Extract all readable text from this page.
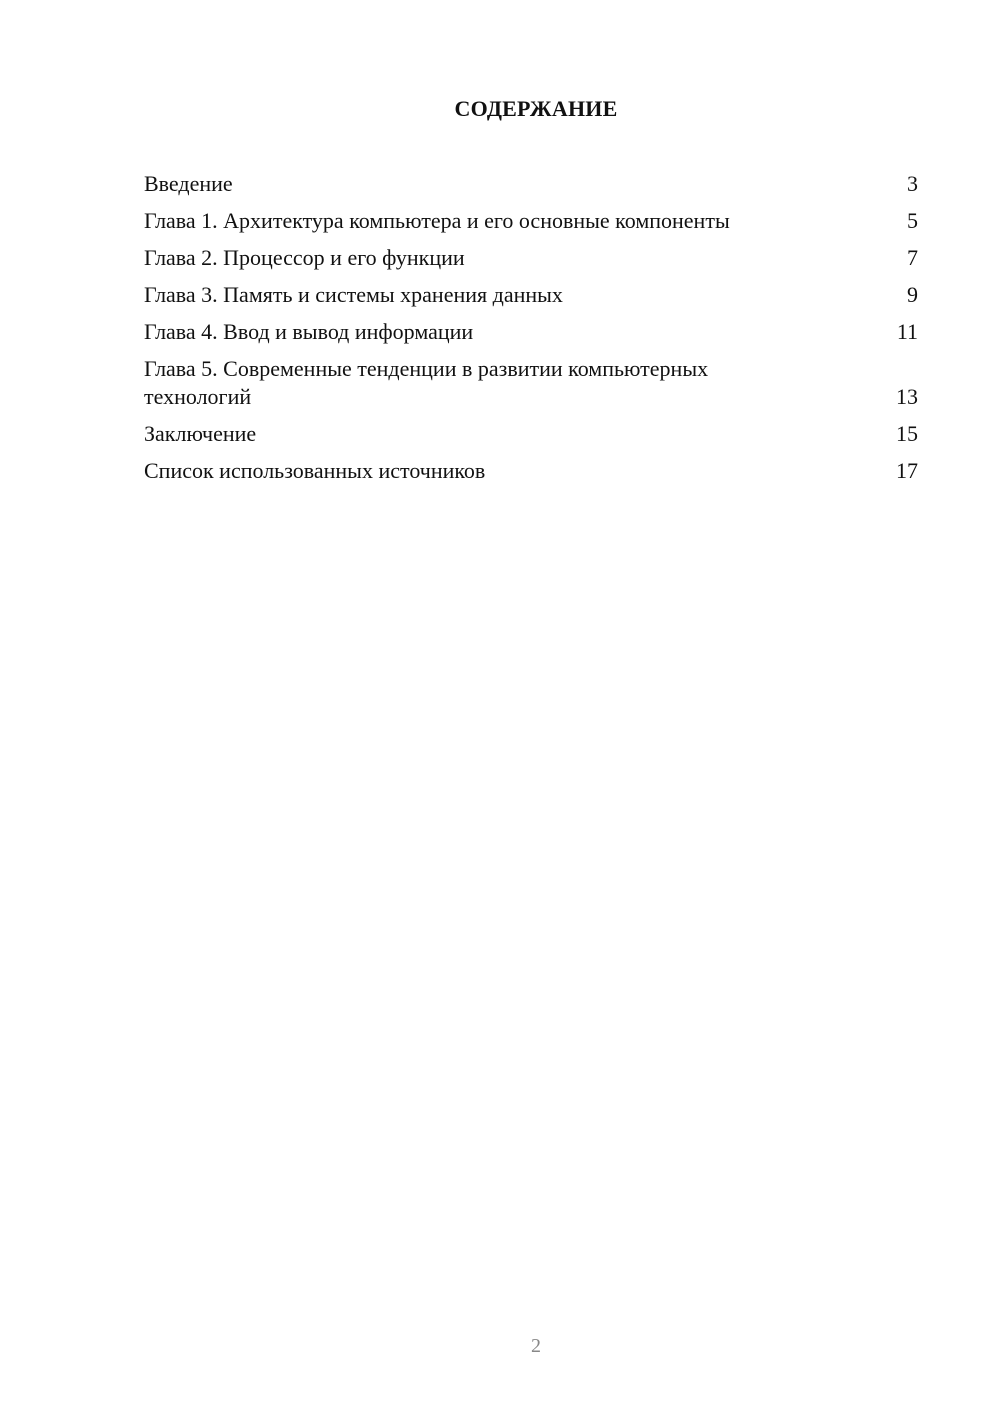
СОДЕРЖАНИЕ
Введение	3
Глава 1. Архитектура компьютера и его основные компоненты	5
Глава 2. Процессор и его функции	7
Глава 3. Память и системы хранения данных	9
Глава 4. Ввод и вывод информации	11
Глава 5. Современные тенденции в развитии компьютерных технологий	13
Заключение	15
Список использованных источников	17
2
